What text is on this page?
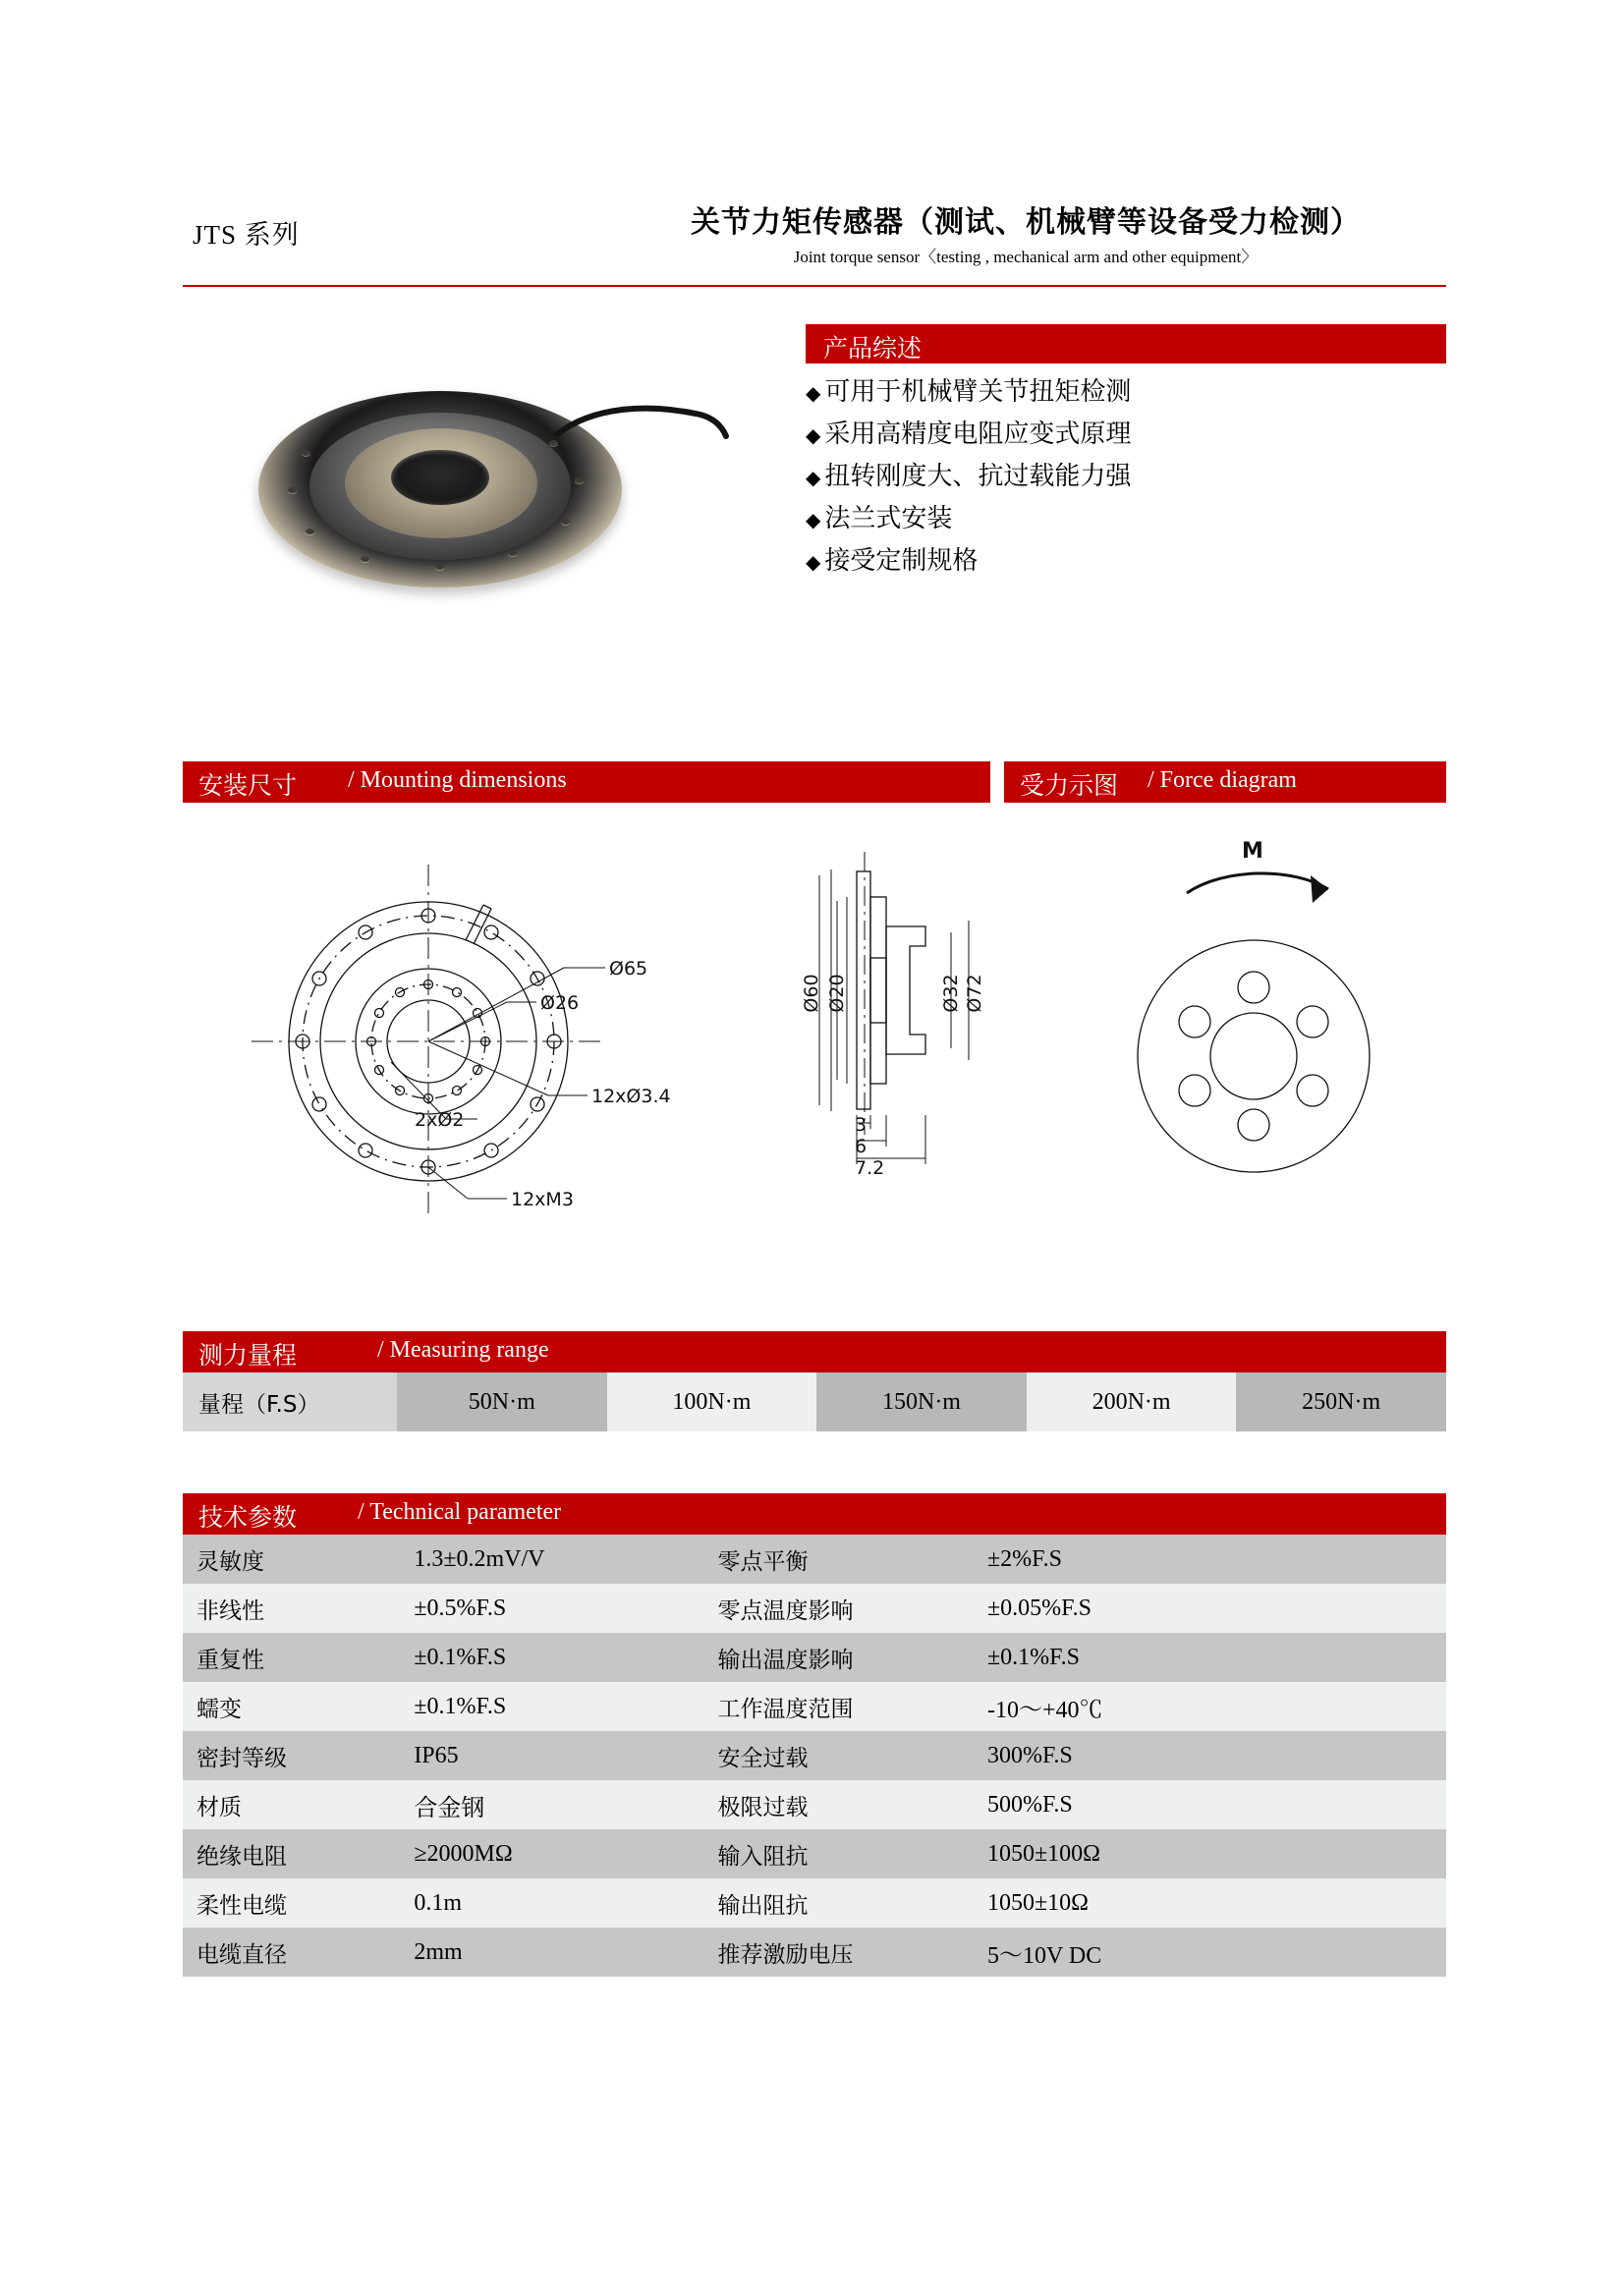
JTS 系列	关节力矩传感器（测试、机械臂等设备受力检测）
Joint torque sensor〈testing , mechanical arm and other equipment〉
产品综述
◆ 可用于机械臂关节扭矩检测
◆ 采用高精度电阻应变式原理
◆ 扭转刚度大、抗过载能力强
◆ 法兰式安装
◆ 接受定制规格
安装尺寸 / Mounting dimensions	受力示图 / Force diagram
Ø65
Ø26
12xØ3.4
2xØ2
12xM3
Ø60 Ø20	Ø32 Ø72
3
6
7.2
M
测力量程	/ Measuring range
量程（F.S）	50N·m	100N·m	150N·m	200N·m	250N·m
技术参数	/ Technical parameter
灵敏度	1.3±0.2mV/V	零点平衡	±2%F.S
非线性	±0.5%F.S	零点温度影响	±0.05%F.S
重复性	±0.1%F.S	输出温度影响	±0.1%F.S
蠕变	±0.1%F.S	工作温度范围	-10～+40℃
密封等级	IP65	安全过载	300%F.S
材质	合金钢	极限过载	500%F.S
绝缘电阻	≥2000MΩ	输入阻抗	1050±100Ω
柔性电缆	0.1m	输出阻抗	1050±10Ω
电缆直径	2mm	推荐激励电压	5～10V DC
